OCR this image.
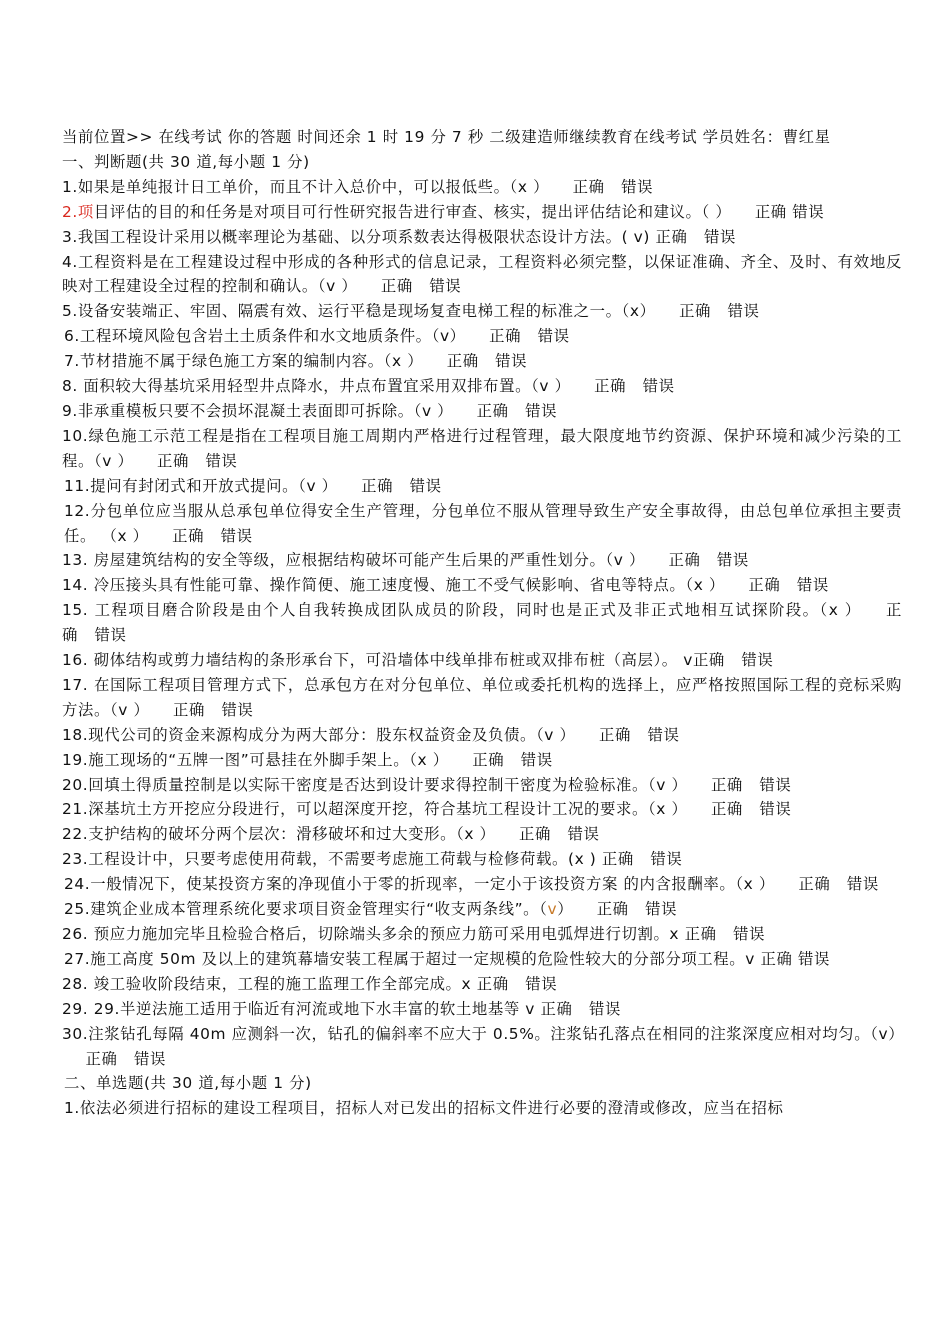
当前位置>> 在线考试 你的答题 时间还余 1 时 19 分 7 秒 二级建造师继续教育在线考试 学员姓名：曹红星
一、判断题(共 30 道,每小题 1 分)
1.如果是单纯报计日工单价，而且不计入总价中，可以报低些。（x ） 正确 错误
2.项目评估的目的和任务是对项目可行性研究报告进行审查、核实，提出评估结论和建议。（ ） 正确 错误
3.我国工程设计采用以概率理论为基础、以分项系数表达得极限状态设计方法。( v) 正确 错误
4.工程资料是在工程建设过程中形成的各种形式的信息记录，工程资料必须完整，以保证准确、齐全、及时、有效地反映对工程建设全过程的控制和确认。（v ） 正确 错误
5.设备安装端正、牢固、隔震有效、运行平稳是现场复查电梯工程的标准之一。（x） 正确 错误
6.工程环境风险包含岩土土质条件和水文地质条件。（v） 正确 错误
7.节材措施不属于绿色施工方案的编制内容。（x ） 正确 错误
8. 面积较大得基坑采用轻型井点降水，井点布置宜采用双排布置。（v ） 正确 错误
9.非承重模板只要不会损坏混凝土表面即可拆除。（v ） 正确 错误
10.绿色施工示范工程是指在工程项目施工周期内严格进行过程管理，最大限度地节约资源、保护环境和减少污染的工程。（v ） 正确 错误
11.提问有封闭式和开放式提问。（v ） 正确 错误
12.分包单位应当服从总承包单位得安全生产管理，分包单位不服从管理导致生产安全事故得，由总包单位承担主要责任。 （x ） 正确 错误
13. 房屋建筑结构的安全等级，应根据结构破坏可能产生后果的严重性划分。（v ） 正确 错误
14. 冷压接头具有性能可靠、操作简便、施工速度慢、施工不受气候影响、省电等特点。（x ） 正确 错误
15. 工程项目磨合阶段是由个人自我转换成团队成员的阶段，同时也是正式及非正式地相互试探阶段。（x ） 正确 错误
16. 砌体结构或剪力墙结构的条形承台下，可沿墙体中线单排布桩或双排布桩（高层）。 v正确 错误
17. 在国际工程项目管理方式下，总承包方在对分包单位、单位或委托机构的选择上，应严格按照国际工程的竞标采购方法。（v ） 正确 错误
18.现代公司的资金来源构成分为两大部分：股东权益资金及负债。（v ） 正确 错误
19.施工现场的“五牌一图”可悬挂在外脚手架上。（x ） 正确 错误
20.回填土得质量控制是以实际干密度是否达到设计要求得控制干密度为检验标准。（v ） 正确 错误
21.深基坑土方开挖应分段进行，可以超深度开挖，符合基坑工程设计工况的要求。（x ） 正确 错误
22.支护结构的破坏分两个层次：滑移破坏和过大变形。（x ） 正确 错误
23.工程设计中，只要考虑使用荷载，不需要考虑施工荷载与检修荷载。(x ) 正确 错误
24.一般情况下，使某投资方案的净现值小于零的折现率，一定小于该投资方案 的内含报酬率。（x ） 正确 错误
25.建筑企业成本管理系统化要求项目资金管理实行“收支两条线”。（v） 正确 错误
26. 预应力施加完毕且检验合格后，切除端头多余的预应力筋可采用电弧焊进行切割。x 正确 错误
27.施工高度 50m 及以上的建筑幕墙安装工程属于超过一定规模的危险性较大的分部分项工程。v 正确 错误
28. 竣工验收阶段结束，工程的施工监理工作全部完成。x 正确 错误
29. 29.半逆法施工适用于临近有河流或地下水丰富的软土地基等 v 正确 错误
30.注浆钻孔每隔 40m 应测斜一次，钻孔的偏斜率不应大于 0.5%。注浆钻孔落点在相同的注浆深度应相对均匀。（v） 正确 错误
二、单选题(共 30 道,每小题 1 分)
1.依法必须进行招标的建设工程项目，招标人对已发出的招标文件进行必要的澄清或修改，应当在招标
